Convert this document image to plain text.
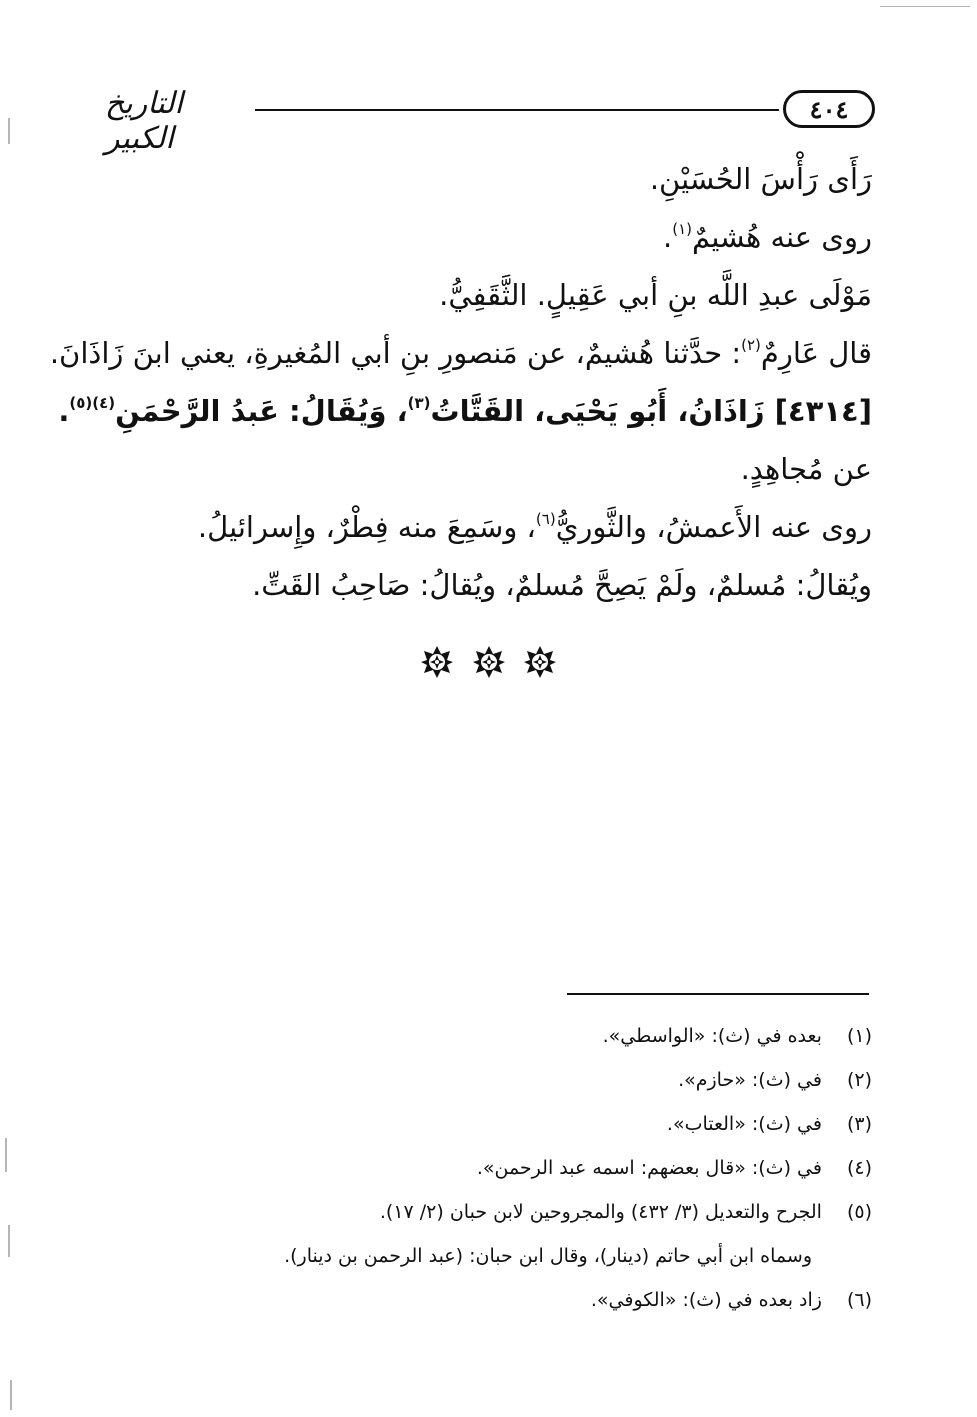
التاريخ الكبير
٤٠٤
رَأَى رَأْسَ الحُسَيْنِ.
روى عنه هُشيمٌ$^{(١)}$.
مَوْلَى عبدِ اللَّه بنِ أبي عَقِيلٍ. الثَّقَفِيُّ.
قال عَارِمٌ$^{(٢)}$: حدَّثنا هُشيمٌ، عن مَنصورِ بنِ أبي المُغيرةِ، يعني ابنَ زَاذَانَ.
[٤٣١٤] زَاذَانُ، أَبُو يَحْيَى، القَتَّاتُ$^{(٣)}$، وَيُقَالُ: عَبدُ الرَّحْمَنِ$^{(٤)(٥)}$.
عن مُجاهِدٍ.
روى عنه الأَعمشُ، والثَّوريُّ$^{(٦)}$، وسَمِعَ منه فِطْرٌ، وإِسرائيلُ.
ويُقالُ: مُسلمٌ، ولَمْ يَصِحَّ مُسلمٌ، ويُقالُ: صَاحِبُ القَتِّ.

(١) بعده في (ث): «الواسطي».
(٢) في (ث): «حازم».
(٣) في (ث): «العتاب».
(٤) في (ث): «قال بعضهم: اسمه عبد الرحمن».
(٥) الجرح والتعديل (٣/ ٤٣٢) والمجروحين لابن حبان (٢/ ١٧).
وسماه ابن أبي حاتم (دينار)، وقال ابن حبان: (عبد الرحمن بن دينار).
(٦) زاد بعده في (ث): «الكوفي».
